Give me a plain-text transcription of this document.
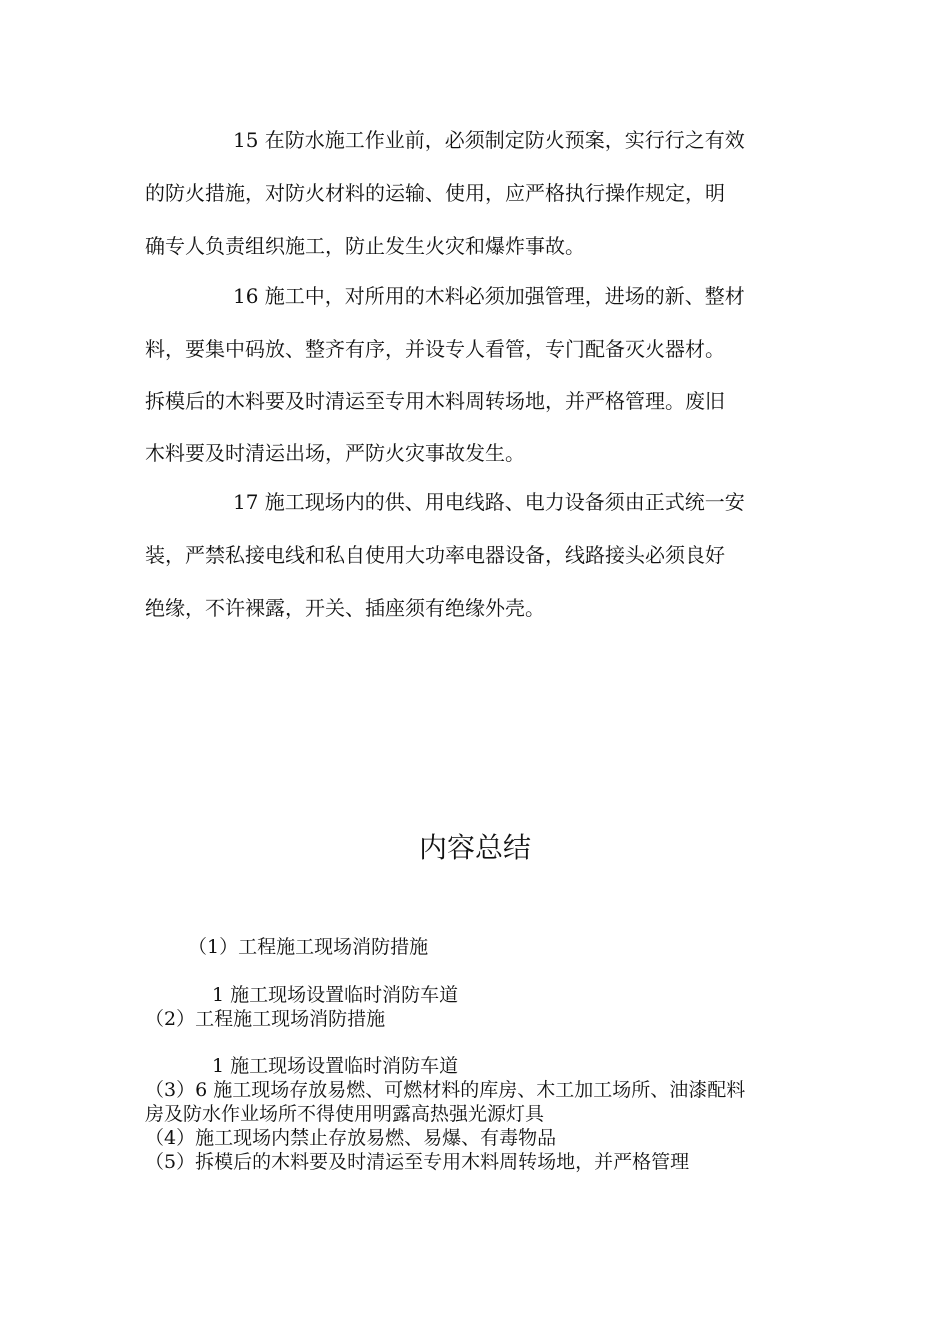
15 在防水施工作业前，必须制定防火预案，实行行之有效
的防火措施，对防火材料的运输、使用，应严格执行操作规定，明
确专人负责组织施工，防止发生火灾和爆炸事故。
16 施工中，对所用的木料必须加强管理，进场的新、整材
料，要集中码放、整齐有序，并设专人看管，专门配备灭火器材。
拆模后的木料要及时清运至专用木料周转场地，并严格管理。废旧
木料要及时清运出场，严防火灾事故发生。
17 施工现场内的供、用电线路、电力设备须由正式统一安
装，严禁私接电线和私自使用大功率电器设备，线路接头必须良好
绝缘，不许裸露，开关、插座须有绝缘外壳。
内容总结
（1）工程施工现场消防措施
1 施工现场设置临时消防车道
（2）工程施工现场消防措施
1 施工现场设置临时消防车道
（3）6 施工现场存放易燃、可燃材料的库房、木工加工场所、油漆配料
房及防水作业场所不得使用明露高热强光源灯具
（4）施工现场内禁止存放易燃、易爆、有毒物品
（5）拆模后的木料要及时清运至专用木料周转场地，并严格管理
